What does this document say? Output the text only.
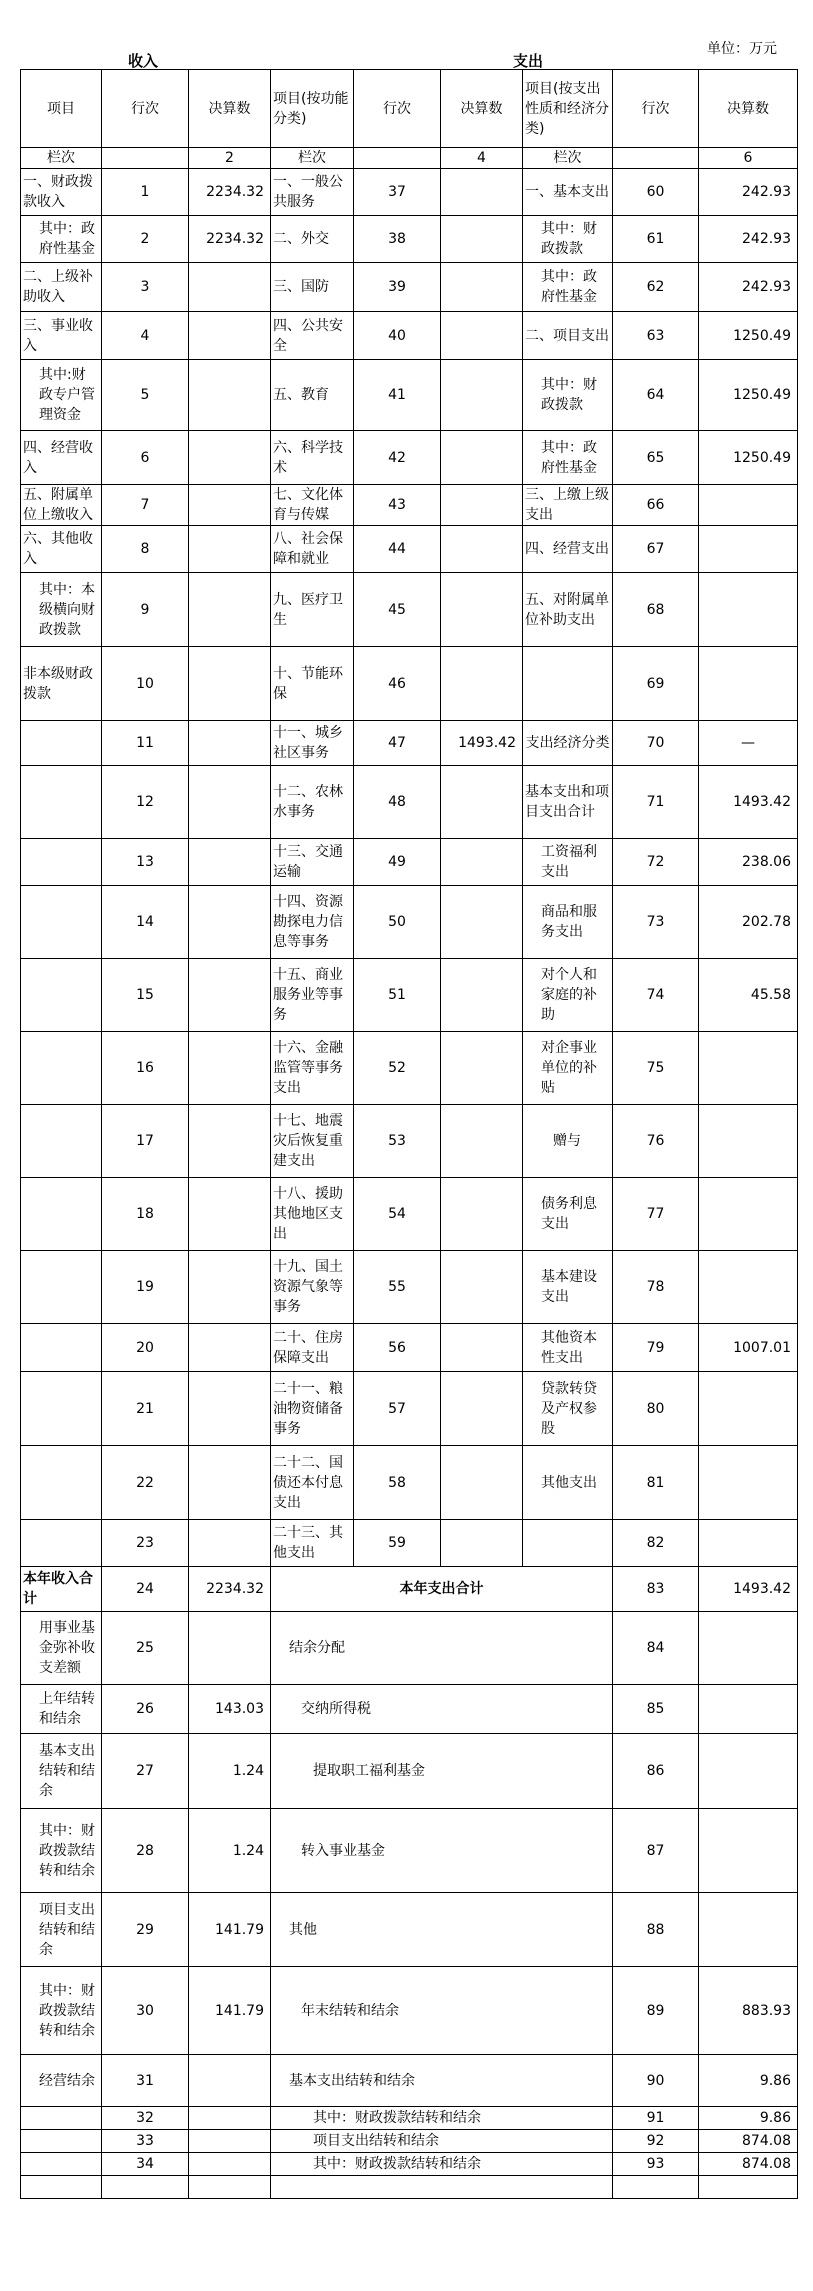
收入	支出
单位：万元
项目	行次	决算数	项目(按功能分类)	行次	决算数	项目(按支出性质和经济分类)	行次	决算数
栏次		2	栏次		4	栏次		6
一、财政拨款收入	1	2234.32	一、一般公共服务	37		一、基本支出	60	242.93
其中：政府性基金	2	2234.32	二、外交	38		其中：财政拨款	61	242.93
二、上级补助收入	3		三、国防	39		其中：政府性基金	62	242.93
三、事业收入	4		四、公共安全	40		二、项目支出	63	1250.49
其中:财政专户管理资金	5		五、教育	41		其中：财政拨款	64	1250.49
四、经营收入	6		六、科学技术	42		其中：政府性基金	65	1250.49
五、附属单位上缴收入	7		七、文化体育与传媒	43		三、上缴上级支出	66	
六、其他收入	8		八、社会保障和就业	44		四、经营支出	67	
其中：本级横向财政拨款	9		九、医疗卫生	45		五、对附属单位补助支出	68	
非本级财政拨款	10		十、节能环保	46			69	
	11		十一、城乡社区事务	47	1493.42	支出经济分类	70	—
	12		十二、农林水事务	48		基本支出和项目支出合计	71	1493.42
	13		十三、交通运输	49		工资福利支出	72	238.06
	14		十四、资源勘探电力信息等事务	50		商品和服务支出	73	202.78
	15		十五、商业服务业等事务	51		对个人和家庭的补助	74	45.58
	16		十六、金融监管等事务支出	52		对企事业单位的补贴	75	
	17		十七、地震灾后恢复重建支出	53		赠与	76	
	18		十八、援助其他地区支出	54		债务利息支出	77	
	19		十九、国土资源气象等事务	55		基本建设支出	78	
	20		二十、住房保障支出	56		其他资本性支出	79	1007.01
	21		二十一、粮油物资储备事务	57		贷款转贷及产权参股	80	
	22		二十二、国债还本付息支出	58		其他支出	81	
	23		二十三、其他支出	59			82	
本年收入合计	24	2234.32	本年支出合计				83	1493.42
用事业基金弥补收支差额	25		结余分配				84	
上年结转和结余	26	143.03	交纳所得税				85	
基本支出结转和结余	27	1.24	提取职工福利基金				86	
其中：财政拨款结转和结余	28	1.24	转入事业基金				87	
项目支出结转和结余	29	141.79	其他				88	
其中：财政拨款结转和结余	30	141.79	年末结转和结余				89	883.93
经营结余	31		基本支出结转和结余				90	9.86
	32		其中：财政拨款结转和结余				91	9.86
	33		项目支出结转和结余				92	874.08
	34		其中：财政拨款结转和结余				93	874.08
